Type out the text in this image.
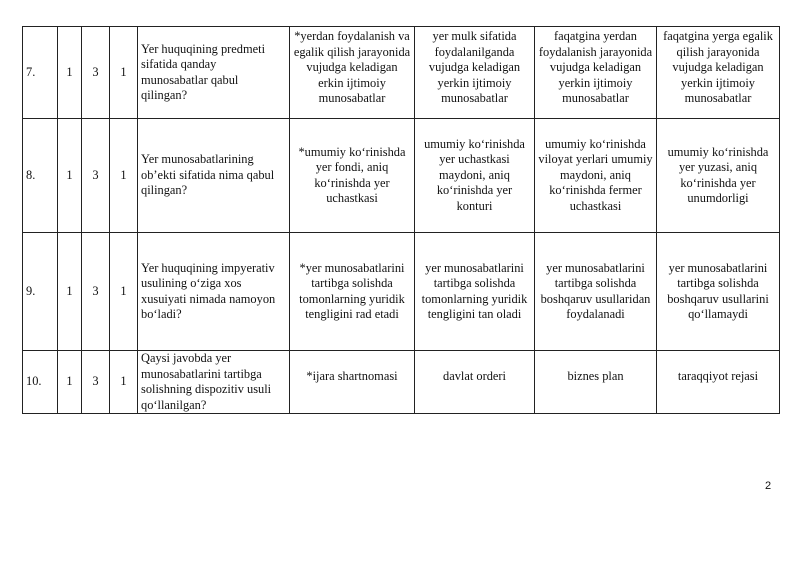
7.	1	3	1	Yer huquqining predmeti sifatida qanday munosabatlar qabul qilingan?	*yerdan foydalanish va egalik qilish jarayonida vujudga keladigan erkin ijtimoiy munosabatlar	yer mulk sifatida foydalanilganda vujudga keladigan yerkin ijtimoiy munosabatlar	faqatgina yerdan foydalanish jarayonida vujudga keladigan yerkin ijtimoiy munosabatlar	faqatgina yerga egalik qilish jarayonida vujudga keladigan yerkin ijtimoiy munosabatlar
8.	1	3	1	Yer munosabatlarining ob’ekti sifatida nima qabul qilingan?	*umumiy ko‘rinishda yer fondi, aniq ko‘rinishda yer uchastkasi	umumiy ko‘rinishda yer uchastkasi maydoni, aniq ko‘rinishda yer konturi	umumiy ko‘rinishda viloyat yerlari umumiy maydoni, aniq ko‘rinishda fermer uchastkasi	umumiy ko‘rinishda yer yuzasi, aniq ko‘rinishda yer unumdorligi
9.	1	3	1	Yer huquqining impyerativ usulining o‘ziga xos xusuiyati nimada namoyon bo‘ladi?	*yer munosabatlarini tartibga solishda tomonlarning yuridik tengligini rad etadi	yer munosabatlarini tartibga solishda tomonlarning yuridik tengligini tan oladi	yer munosabatlarini tartibga solishda boshqaruv usullaridan foydalanadi	yer munosabatlarini tartibga solishda boshqaruv usullarini qo‘llamaydi
10.	1	3	1	Qaysi javobda yer munosabatlarini tartibga solishning dispozitiv usuli qo‘llanilgan?	*ijara shartnomasi	davlat orderi	biznes plan	taraqqiyot rejasi
2
